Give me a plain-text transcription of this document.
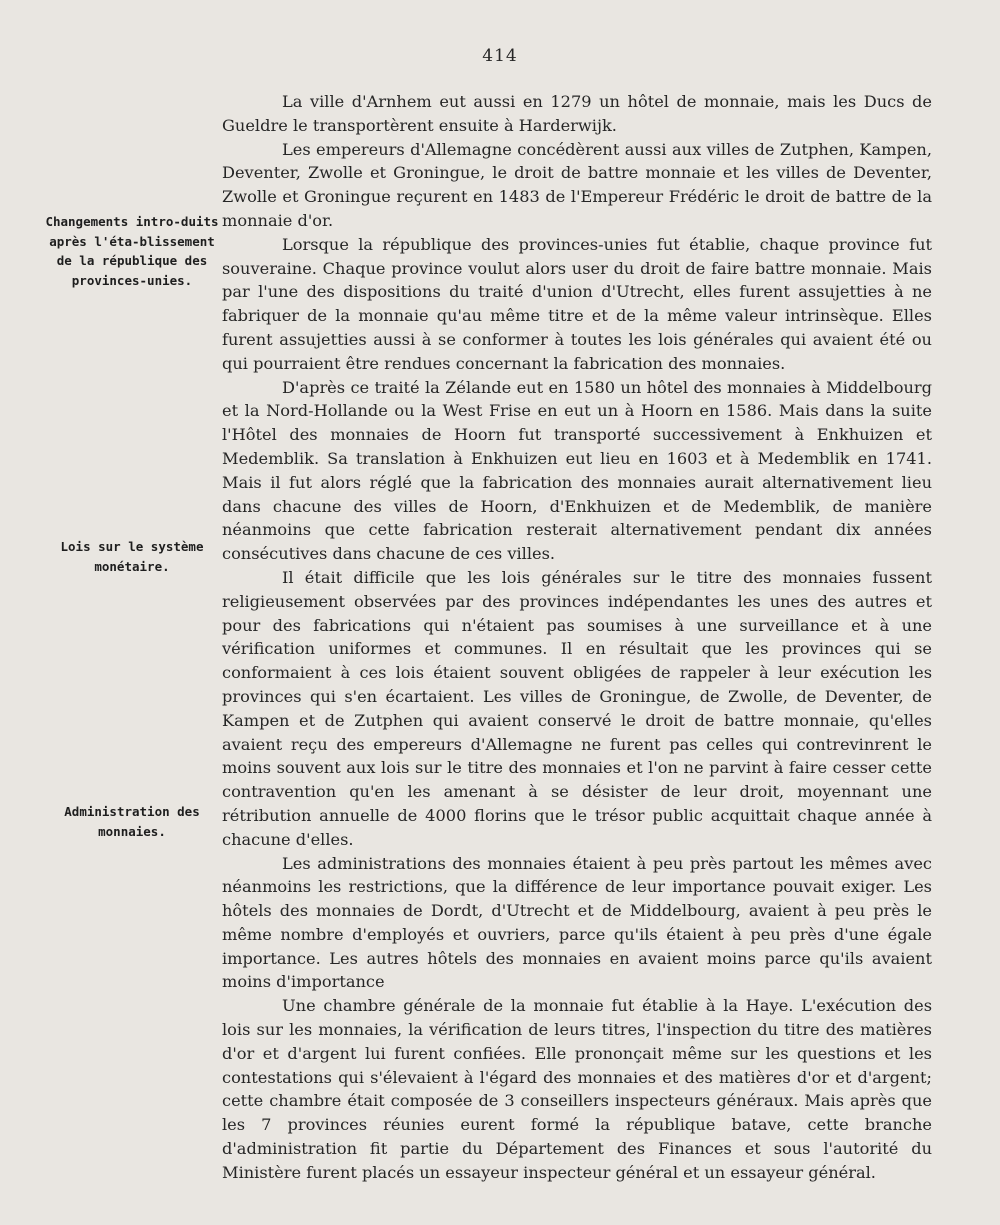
414
Changements intro-duits après l'éta-blissement de la république des provinces-unies.
Lois sur le système monétaire.
Administration des monnaies.

La ville d'Arnhem eut aussi en 1279 un hôtel de monnaie, mais les Ducs de Gueldre le transportèrent ensuite à Harderwijk.

Les empereurs d'Allemagne concédèrent aussi aux villes de Zutphen, Kampen, Deventer, Zwolle et Groningue, le droit de battre monnaie et les villes de Deventer, Zwolle et Groningue reçurent en 1483 de l'Empereur Frédéric le droit de battre de la monnaie d'or.

Lorsque la république des provinces-unies fut établie, chaque province fut souveraine. Chaque province voulut alors user du droit de faire battre monnaie. Mais par l'une des dispositions du traité d'union d'Utrecht, elles furent assujetties à ne fabriquer de la monnaie qu'au même titre et de la même valeur intrinsèque. Elles furent assujetties aussi à se conformer à toutes les lois générales qui avaient été ou qui pourraient être rendues concernant la fabrication des monnaies.

D'après ce traité la Zélande eut en 1580 un hôtel des monnaies à Middelbourg et la Nord-Hollande ou la West Frise en eut un à Hoorn en 1586. Mais dans la suite l'Hôtel des monnaies de Hoorn fut transporté successivement à Enkhuizen et Medemblik. Sa translation à Enkhuizen eut lieu en 1603 et à Medemblik en 1741. Mais il fut alors réglé que la fabrication des monnaies aurait alternativement lieu dans chacune des villes de Hoorn, d'Enkhuizen et de Medemblik, de manière néanmoins que cette fabrication resterait alternativement pendant dix années consécutives dans chacune de ces villes.

Il était difficile que les lois générales sur le titre des monnaies fussent religieusement observées par des provinces indépendantes les unes des autres et pour des fabrications qui n'étaient pas soumises à une surveillance et à une vérification uniformes et communes. Il en résultait que les provinces qui se conformaient à ces lois étaient souvent obligées de rappeler à leur exécution les provinces qui s'en écartaient. Les villes de Groningue, de Zwolle, de Deventer, de Kampen et de Zutphen qui avaient conservé le droit de battre monnaie, qu'elles avaient reçu des empereurs d'Allemagne ne furent pas celles qui contrevinrent le moins souvent aux lois sur le titre des monnaies et l'on ne parvint à faire cesser cette contravention qu'en les amenant à se désister de leur droit, moyennant une rétribution annuelle de 4000 florins que le trésor public acquittait chaque année à chacune d'elles.

Les administrations des monnaies étaient à peu près partout les mêmes avec néanmoins les restrictions, que la différence de leur importance pouvait exiger. Les hôtels des monnaies de Dordt, d'Utrecht et de Middelbourg, avaient à peu près le même nombre d'employés et ouvriers, parce qu'ils étaient à peu près d'une égale importance. Les autres hôtels des monnaies en avaient moins parce qu'ils avaient moins d'importance

Une chambre générale de la monnaie fut établie à la Haye. L'exécution des lois sur les monnaies, la vérification de leurs titres, l'inspection du titre des matières d'or et d'argent lui furent confiées. Elle prononçait même sur les questions et les contestations qui s'élevaient à l'égard des monnaies et des matières d'or et d'argent; cette chambre était composée de 3 conseillers inspecteurs généraux. Mais après que les 7 provinces réunies eurent formé la république batave, cette branche d'administration fit partie du Département des Finances et sous l'autorité du Ministère furent placés un essayeur inspecteur général et un essayeur général.
